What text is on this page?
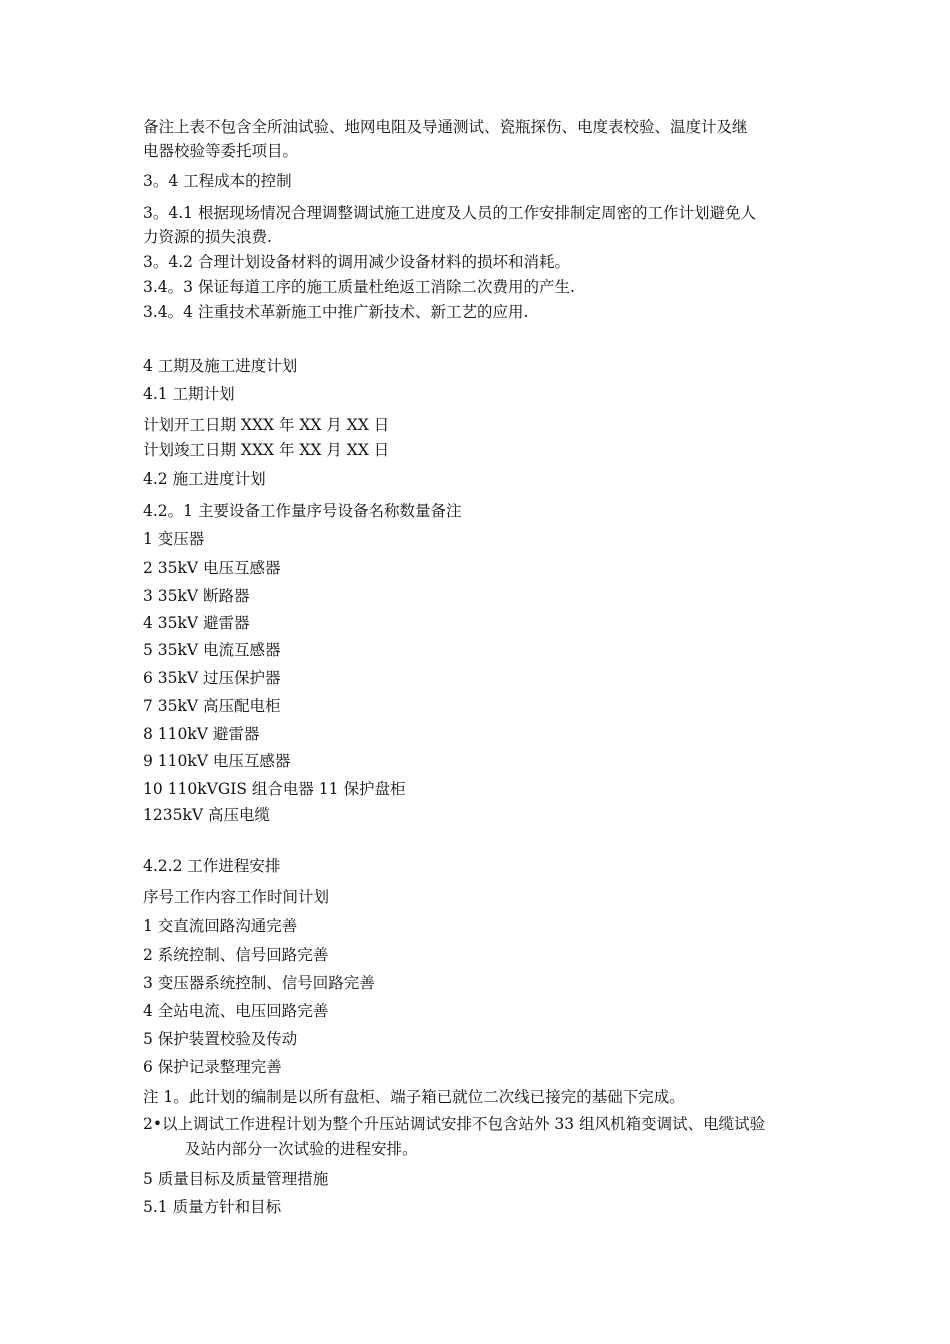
备注上表不包含全所油试验、地网电阻及导通测试、瓷瓶探伤、电度表校验、温度计及继
电器校验等委托项目。
3。4 工程成本的控制
3。4.1 根据现场情况合理调整调试施工进度及人员的工作安排制定周密的工作计划避免人
力资源的损失浪费.
3。4.2 合理计划设备材料的调用减少设备材料的损坏和消耗。
3.4。3 保证每道工序的施工质量杜绝返工消除二次费用的产生.
3.4。4 注重技术革新施工中推广新技术、新工艺的应用.
4 工期及施工进度计划
4.1 工期计划
计划开工日期 XXX 年 XX 月 XX 日
计划竣工日期 XXX 年 XX 月 XX 日
4.2 施工进度计划
4.2。1 主要设备工作量序号设备名称数量备注
1 变压器
2 35kV 电压互感器
3 35kV 断路器
4 35kV 避雷器
5 35kV 电流互感器
6 35kV 过压保护器
7 35kV 高压配电柜
8 110kV 避雷器
9 110kV 电压互感器
10 110kVGIS 组合电器 11 保护盘柜
1235kV 高压电缆
4.2.2 工作进程安排
序号工作内容工作时间计划
1 交直流回路沟通完善
2 系统控制、信号回路完善
3 变压器系统控制、信号回路完善
4 全站电流、电压回路完善
5 保护装置校验及传动
6 保护记录整理完善
注 1。此计划的编制是以所有盘柜、端子箱已就位二次线已接完的基础下完成。
2•以上调试工作进程计划为整个升压站调试安排不包含站外 33 组风机箱变调试、电缆试验
及站内部分一次试验的进程安排。
5 质量目标及质量管理措施
5.1 质量方针和目标
